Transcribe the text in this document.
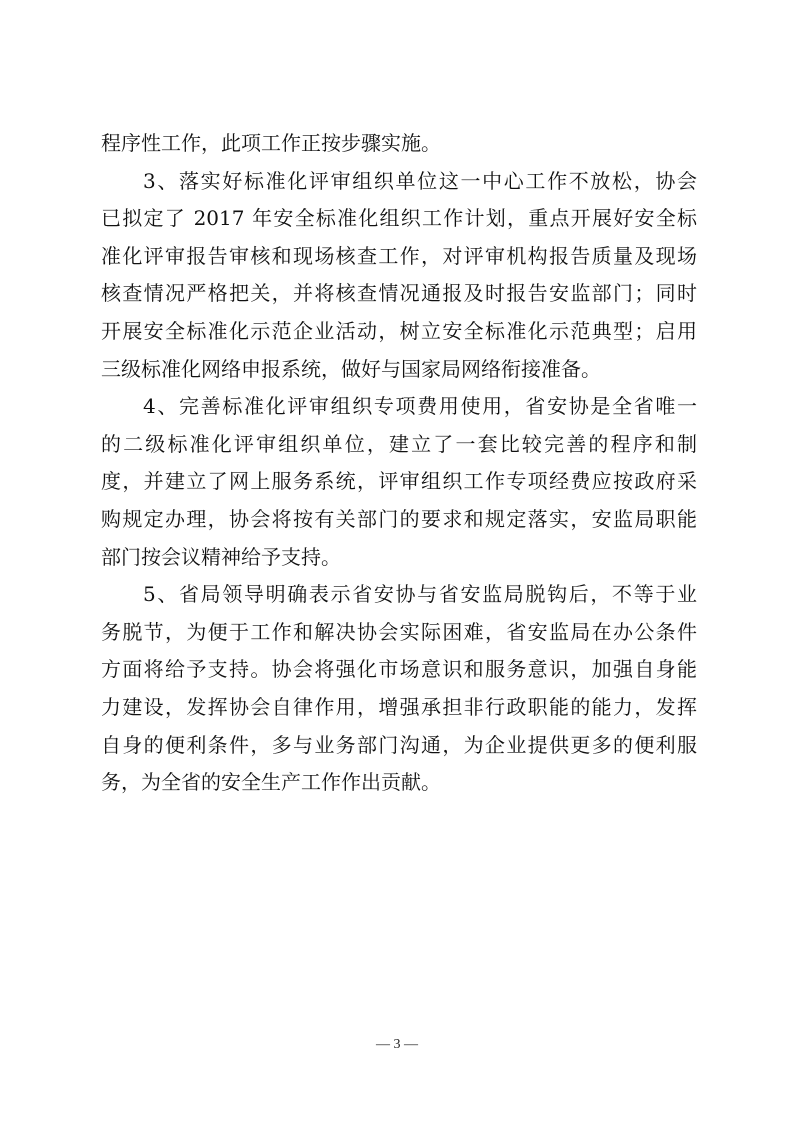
程序性工作，此项工作正按步骤实施。
3、落实好标准化评审组织单位这一中心工作不放松，协会
已拟定了 2017 年安全标准化组织工作计划，重点开展好安全标
准化评审报告审核和现场核查工作，对评审机构报告质量及现场
核查情况严格把关，并将核查情况通报及时报告安监部门；同时
开展安全标准化示范企业活动，树立安全标准化示范典型；启用
三级标准化网络申报系统，做好与国家局网络衔接准备。
4、完善标准化评审组织专项费用使用，省安协是全省唯一
的二级标准化评审组织单位，建立了一套比较完善的程序和制
度，并建立了网上服务系统，评审组织工作专项经费应按政府采
购规定办理，协会将按有关部门的要求和规定落实，安监局职能
部门按会议精神给予支持。
5、省局领导明确表示省安协与省安监局脱钩后，不等于业
务脱节，为便于工作和解决协会实际困难，省安监局在办公条件
方面将给予支持。协会将强化市场意识和服务意识，加强自身能
力建设，发挥协会自律作用，增强承担非行政职能的能力，发挥
自身的便利条件，多与业务部门沟通，为企业提供更多的便利服
务，为全省的安全生产工作作出贡献。
— 3 —
